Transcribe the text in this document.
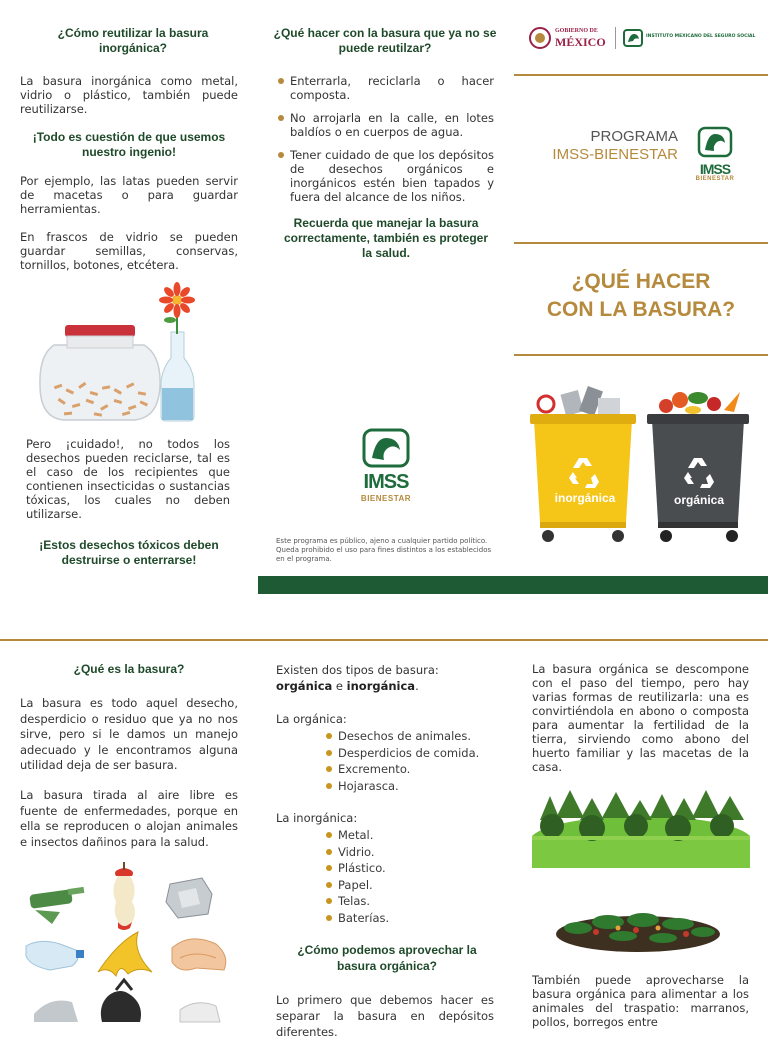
¿Cómo reutilizar la basura inorgánica?
La basura inorgánica como metal, vidrio o plástico, también puede reutilizarse.
¡Todo es cuestión de que usemos nuestro ingenio!
Por ejemplo, las latas pueden servir de macetas o para guardar herramientas.
En frascos de vidrio se pueden guardar semillas, conservas, tornillos, botones, etcétera.
Pero ¡cuidado!, no todos los desechos pueden reciclarse, tal es el caso de los recipientes que contienen insecticidas o sustancias tóxicas, los cuales no deben utilizarse.
¡Estos desechos tóxicos deben destruirse o enterrarse!
¿Qué hacer con la basura que ya no se puede reutilzar?
Enterrarla, reciclarla o hacer composta.
No arrojarla en la calle, en lotes baldíos o en cuerpos de agua.
Tener cuidado de que los depósitos de desechos orgánicos e inorgánicos estén bien tapados y fuera del alcance de los niños.
Recuerda que manejar la basura correctamente, también es proteger la salud.
IMSS
BIENESTAR
Este programa es público, ajeno a cualquier partido político. Queda prohibido el uso para fines distintos a los establecidos en el programa.
GOBIERNO DE
MÉXICO	INSTITUTO MEXICANO DEL SEGURO SOCIAL
PROGRAMA
IMSS-BIENESTAR
IMSS
BIENESTAR
¿QUÉ HACER
CON LA BASURA?
inorgánica	orgánica
¿Qué es la basura?
La basura es todo aquel desecho, desperdicio o residuo que ya no nos sirve, pero si le damos un manejo adecuado y le encontramos alguna utilidad deja de ser basura.
La basura tirada al aire libre es fuente de enfermedades, porque en ella se reproducen o alojan animales e insectos dañinos para la salud.
Existen dos tipos de basura: orgánica e inorgánica.
La orgánica:
Desechos de animales.
Desperdicios de comida.
Excremento.
Hojarasca.
La inorgánica:
Metal.
Vidrio.
Plástico.
Papel.
Telas.
Baterías.
¿Cómo podemos aprovechar la basura orgánica?
Lo primero que debemos hacer es separar la basura en depósitos diferentes.
La basura orgánica se descompone con el paso del tiempo, pero hay varias formas de reutilizarla: una es convirtiéndola en abono o composta para aumentar la fertilidad de la tierra, sirviendo como abono del huerto familiar y las macetas de la casa.
También puede aprovecharse la basura orgánica para alimentar a los animales del traspatio: marranos, pollos, borregos entre
